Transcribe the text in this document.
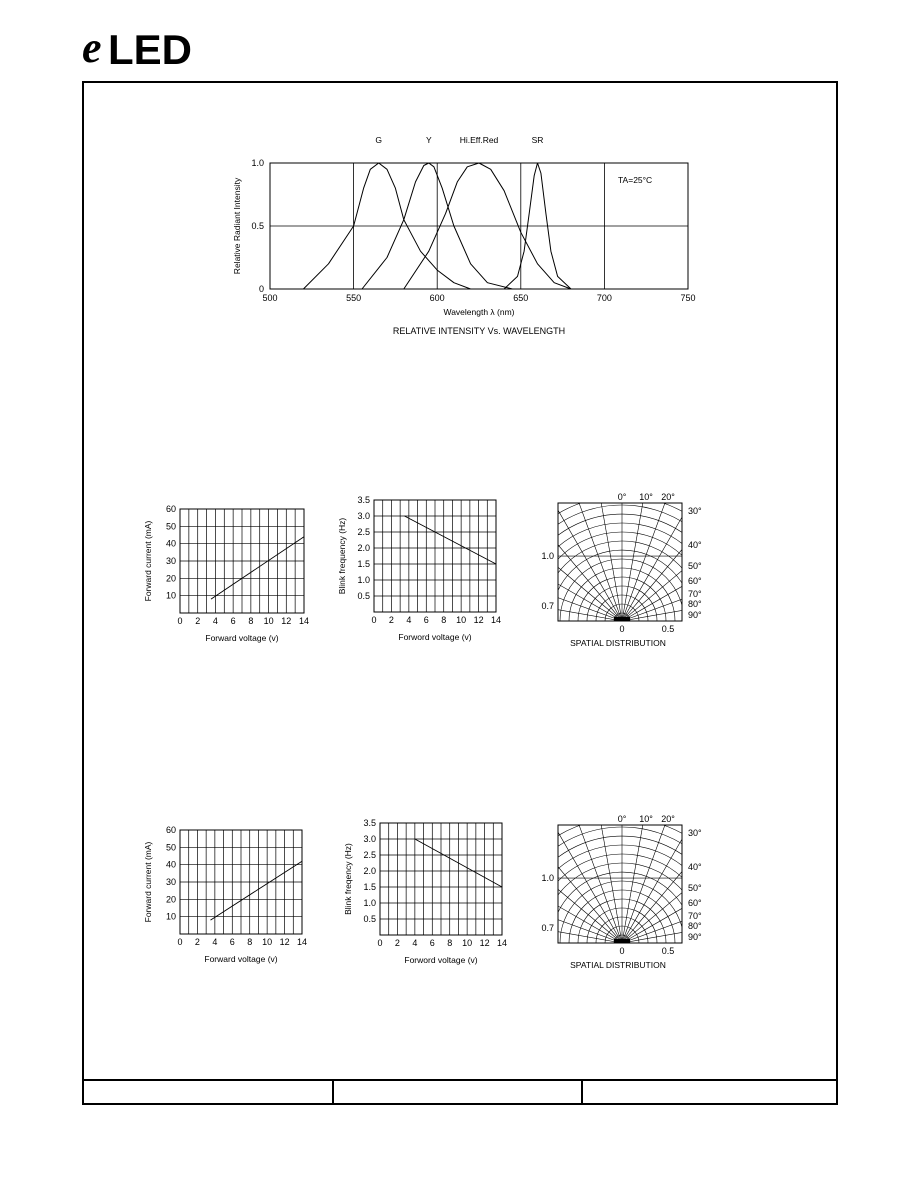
e LED
500	550	600	650	700	750
0
0.5
1.0
G	Y	Hi.Eff.Red	SR
TA=25°C
Wavelength λ (nm)
Relative Radiant Intensity
RELATIVE INTENSITY Vs. WAVELENGTH
0 2 4 6 8 10 12 14
10
20
30
40
50
60
Forward voltage (v)
Forward current (mA)
0 2 4 6 8 10 12 14
0.5
1.0
1.5
2.0
2.5
3.0
3.5
Forword voltage (v)
Blink frequency (Hz)
0° 10° 20°
30°
40°
50°
60°
70°
80°
90°
1.0
0.7
0	0.5
SPATIAL DISTRIBUTION
0 2 4 6 8 10 12 14
10
20
30
40
50
60
Forward voltage (v)
Forward current (mA)
0 2 4 6 8 10 12 14
0.5
1.0
1.5
2.0
2.5
3.0
3.5
Forword voltage (v)
Blink freqency (Hz)
0° 10° 20°
30°
40°
50°
60°
70°
80°
90°
1.0
0.7
0	0.5
SPATIAL DISTRIBUTION
